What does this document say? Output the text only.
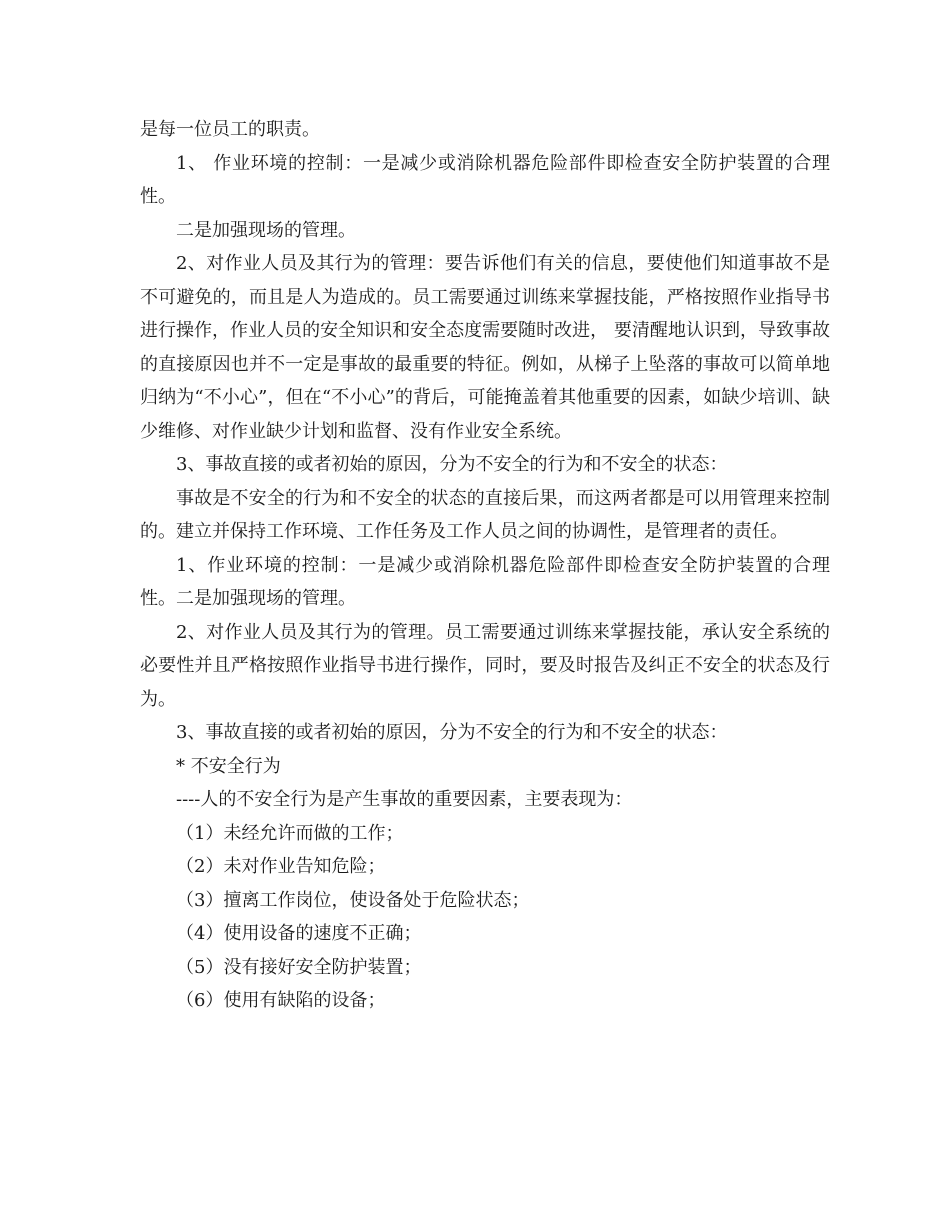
是每一位员工的职责。

1、 作业环境的控制：一是减少或消除机器危险部件即检查安全防护装置的合理性。

二是加强现场的管理。

2、对作业人员及其行为的管理：要告诉他们有关的信息，要使他们知道事故不是不可避免的，而且是人为造成的。员工需要通过训练来掌握技能，严格按照作业指导书进行操作，作业人员的安全知识和安全态度需要随时改进， 要清醒地认识到，导致事故的直接原因也并不一定是事故的最重要的特征。例如，从梯子上坠落的事故可以简单地归纳为“不小心”，但在“不小心”的背后，可能掩盖着其他重要的因素，如缺少培训、缺少维修、对作业缺少计划和监督、没有作业安全系统。

3、事故直接的或者初始的原因，分为不安全的行为和不安全的状态：

事故是不安全的行为和不安全的状态的直接后果，而这两者都是可以用管理来控制的。建立并保持工作环境、工作任务及工作人员之间的协调性，是管理者的责任。

1、作业环境的控制：一是减少或消除机器危险部件即检查安全防护装置的合理性。二是加强现场的管理。

2、对作业人员及其行为的管理。员工需要通过训练来掌握技能，承认安全系统的必要性并且严格按照作业指导书进行操作，同时，要及时报告及纠正不安全的状态及行为。

3、事故直接的或者初始的原因，分为不安全的行为和不安全的状态：

* 不安全行为

----人的不安全行为是产生事故的重要因素，主要表现为：

（1）未经允许而做的工作；

（2）未对作业告知危险；

（3）擅离工作岗位，使设备处于危险状态；

（4）使用设备的速度不正确；

（5）没有接好安全防护装置；

（6）使用有缺陷的设备；
